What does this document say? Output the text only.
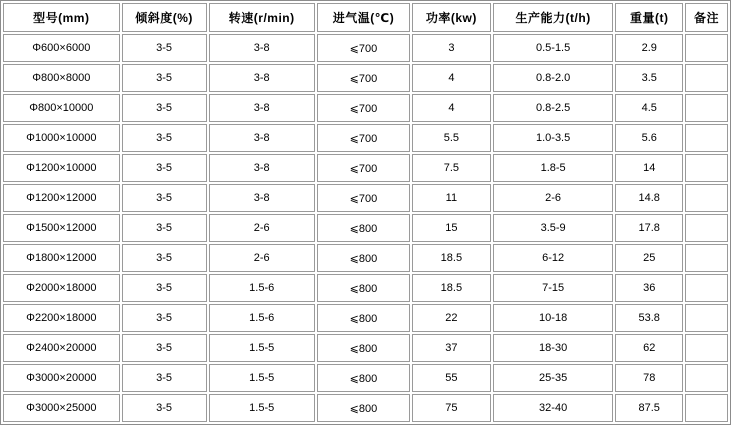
型号(mm)	倾斜度(%)	转速(r/min)	进气温(℃)	功率(kw)	生产能力(t/h)	重量(t)	备注
Φ600×6000	3-5	3-8	⩽700	3	0.5-1.5	2.9	
Φ800×8000	3-5	3-8	⩽700	4	0.8-2.0	3.5	
Φ800×10000	3-5	3-8	⩽700	4	0.8-2.5	4.5	
Φ1000×10000	3-5	3-8	⩽700	5.5	1.0-3.5	5.6	
Φ1200×10000	3-5	3-8	⩽700	7.5	1.8-5	14	
Φ1200×12000	3-5	3-8	⩽700	11	2-6	14.8	
Φ1500×12000	3-5	2-6	⩽800	15	3.5-9	17.8	
Φ1800×12000	3-5	2-6	⩽800	18.5	6-12	25	
Φ2000×18000	3-5	1.5-6	⩽800	18.5	7-15	36	
Φ2200×18000	3-5	1.5-6	⩽800	22	10-18	53.8	
Φ2400×20000	3-5	1.5-5	⩽800	37	18-30	62	
Φ3000×20000	3-5	1.5-5	⩽800	55	25-35	78	
Φ3000×25000	3-5	1.5-5	⩽800	75	32-40	87.5	
